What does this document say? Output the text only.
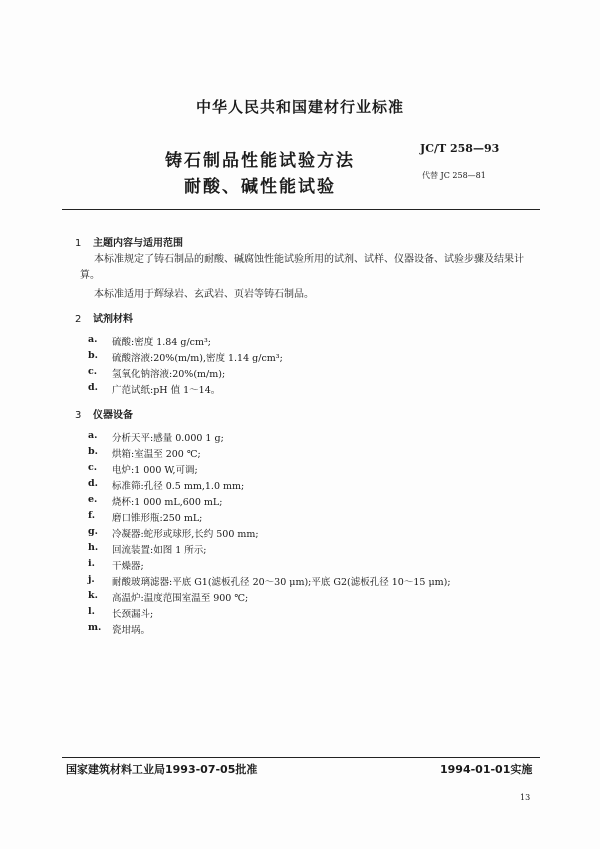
中华人民共和国建材行业标准
铸石制品性能试验方法
耐酸、碱性能试验
JC/T 258—93
代替 JC 258—81
1 主题内容与适用范围
本标准规定了铸石制品的耐酸、碱腐蚀性能试验所用的试剂、试样、仪器设备、试验步骤及结果计算。
本标准适用于辉绿岩、玄武岩、页岩等铸石制品。
2 试剂材料
a. 硫酸:密度 1.84 g/cm³;
b. 硫酸溶液:20%(m/m),密度 1.14 g/cm³;
c. 氢氧化钠溶液:20%(m/m);
d. 广范试纸:pH 值 1～14。
3 仪器设备
a. 分析天平:感量 0.000 1 g;
b. 烘箱:室温至 200 ℃;
c. 电炉:1 000 W,可调;
d. 标准筛:孔径 0.5 mm,1.0 mm;
e. 烧杯:1 000 mL,600 mL;
f. 磨口锥形瓶:250 mL;
g. 冷凝器:蛇形或球形,长约 500 mm;
h. 回流装置:如图 1 所示;
i. 干燥器;
j. 耐酸玻璃滤器:平底 G1(滤板孔径 20～30 μm);平底 G2(滤板孔径 10～15 μm);
k. 高温炉:温度范围室温至 900 ℃;
l. 长颈漏斗;
m. 瓷坩埚。
国家建筑材料工业局1993-07-05批准	1994-01-01实施
13
